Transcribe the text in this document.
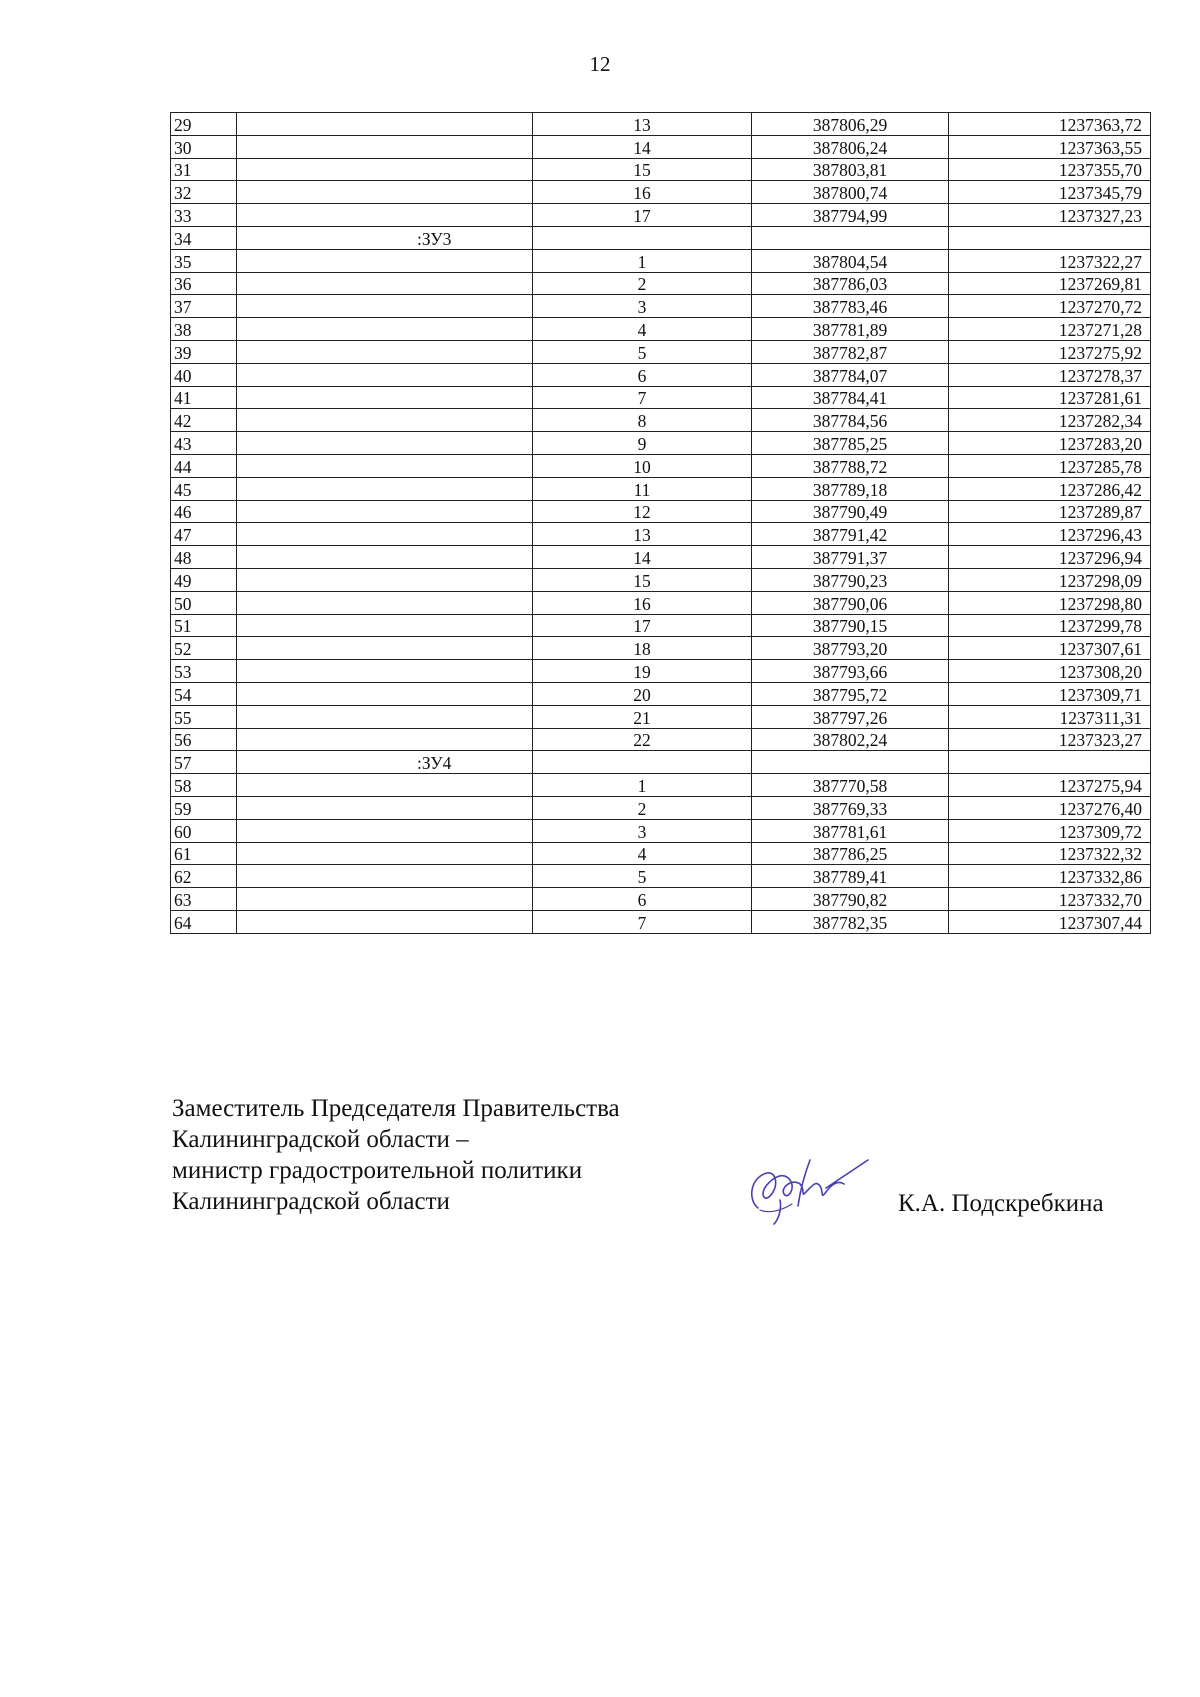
12
29		13	387806,29	1237363,72
30		14	387806,24	1237363,55
31		15	387803,81	1237355,70
32		16	387800,74	1237345,79
33		17	387794,99	1237327,23
34	:ЗУ3			
35		1	387804,54	1237322,27
36		2	387786,03	1237269,81
37		3	387783,46	1237270,72
38		4	387781,89	1237271,28
39		5	387782,87	1237275,92
40		6	387784,07	1237278,37
41		7	387784,41	1237281,61
42		8	387784,56	1237282,34
43		9	387785,25	1237283,20
44		10	387788,72	1237285,78
45		11	387789,18	1237286,42
46		12	387790,49	1237289,87
47		13	387791,42	1237296,43
48		14	387791,37	1237296,94
49		15	387790,23	1237298,09
50		16	387790,06	1237298,80
51		17	387790,15	1237299,78
52		18	387793,20	1237307,61
53		19	387793,66	1237308,20
54		20	387795,72	1237309,71
55		21	387797,26	1237311,31
56		22	387802,24	1237323,27
57	:ЗУ4			
58		1	387770,58	1237275,94
59		2	387769,33	1237276,40
60		3	387781,61	1237309,72
61		4	387786,25	1237322,32
62		5	387789,41	1237332,86
63		6	387790,82	1237332,70
64		7	387782,35	1237307,44
Заместитель Председателя Правительства
Калининградской области –
министр градостроительной политики
Калининградской области	К.А. Подскребкина
